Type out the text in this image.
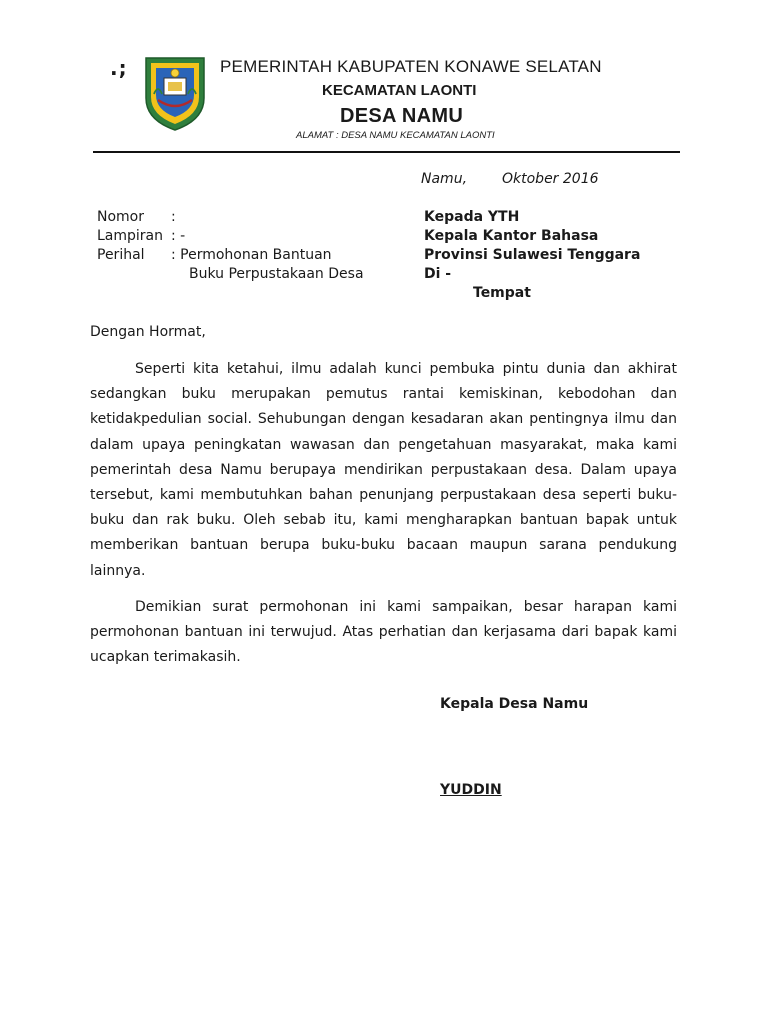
.;	PEMERINTAH KABUPATEN KONAWE SELATAN
KECAMATAN LAONTI
DESA NAMU
ALAMAT : DESA NAMU KECAMATAN LAONTI
Namu, Oktober 2016
Nomor :
Lampiran : -
Perihal : Permohonan Bantuan
Buku Perpustakaan Desa
Kepada YTH
Kepala Kantor Bahasa
Provinsi Sulawesi Tenggara
Di -
Tempat
Dengan Hormat,

Seperti kita ketahui, ilmu adalah kunci pembuka pintu dunia dan akhirat sedangkan buku merupakan pemutus rantai kemiskinan, kebodohan dan ketidakpedulian social. Sehubungan dengan kesadaran akan pentingnya ilmu dan dalam upaya peningkatan wawasan dan pengetahuan masyarakat, maka kami pemerintah desa Namu berupaya mendirikan perpustakaan desa. Dalam upaya tersebut, kami membutuhkan bahan penunjang perpustakaan desa seperti buku-buku dan rak buku. Oleh sebab itu, kami mengharapkan bantuan bapak untuk memberikan bantuan berupa buku-buku bacaan maupun sarana pendukung lainnya.

Demikian surat permohonan ini kami sampaikan, besar harapan kami permohonan bantuan ini terwujud. Atas perhatian dan kerjasama dari bapak kami ucapkan terimakasih.

Kepala Desa Namu
YUDDIN
